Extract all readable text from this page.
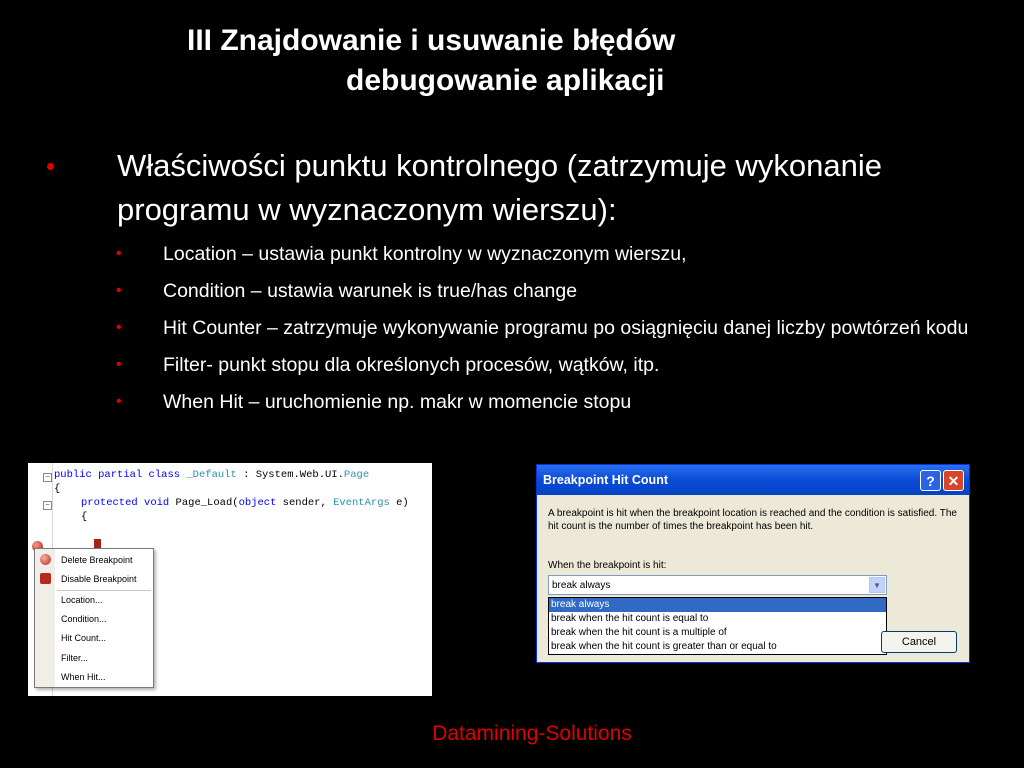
III Znajdowanie i usuwanie błędów
debugowanie aplikacji
• Właściwości punktu kontrolnego (zatrzymuje wykonanie programu w wyznaczonym wierszu):
• Location – ustawia punkt kontrolny w wyznaczonym wierszu,
• Condition – ustawia warunek is true/has change
• Hit Counter – zatrzymuje wykonywanie programu po osiągnięciu danej liczby powtórzeń kodu
• Filter- punkt stopu dla określonych procesów, wątków, itp.
• When Hit – uruchomienie np. makr w momencie stopu
−
−
public partial class _Default : System.Web.UI.Page
{
protected void Page_Load(object sender, EventArgs e)
{
Delete Breakpoint
Disable Breakpoint
Location...
Condition...
Hit Count...
Filter...
When Hit...
Breakpoint Hit Count	? ✕
A breakpoint is hit when the breakpoint location is reached and the condition is satisfied. The hit count is the number of times the breakpoint has been hit.
When the breakpoint is hit:
break always	▼
break always
break when the hit count is equal to
break when the hit count is a multiple of
break when the hit count is greater than or equal to	Cancel
Datamining-Solutions
